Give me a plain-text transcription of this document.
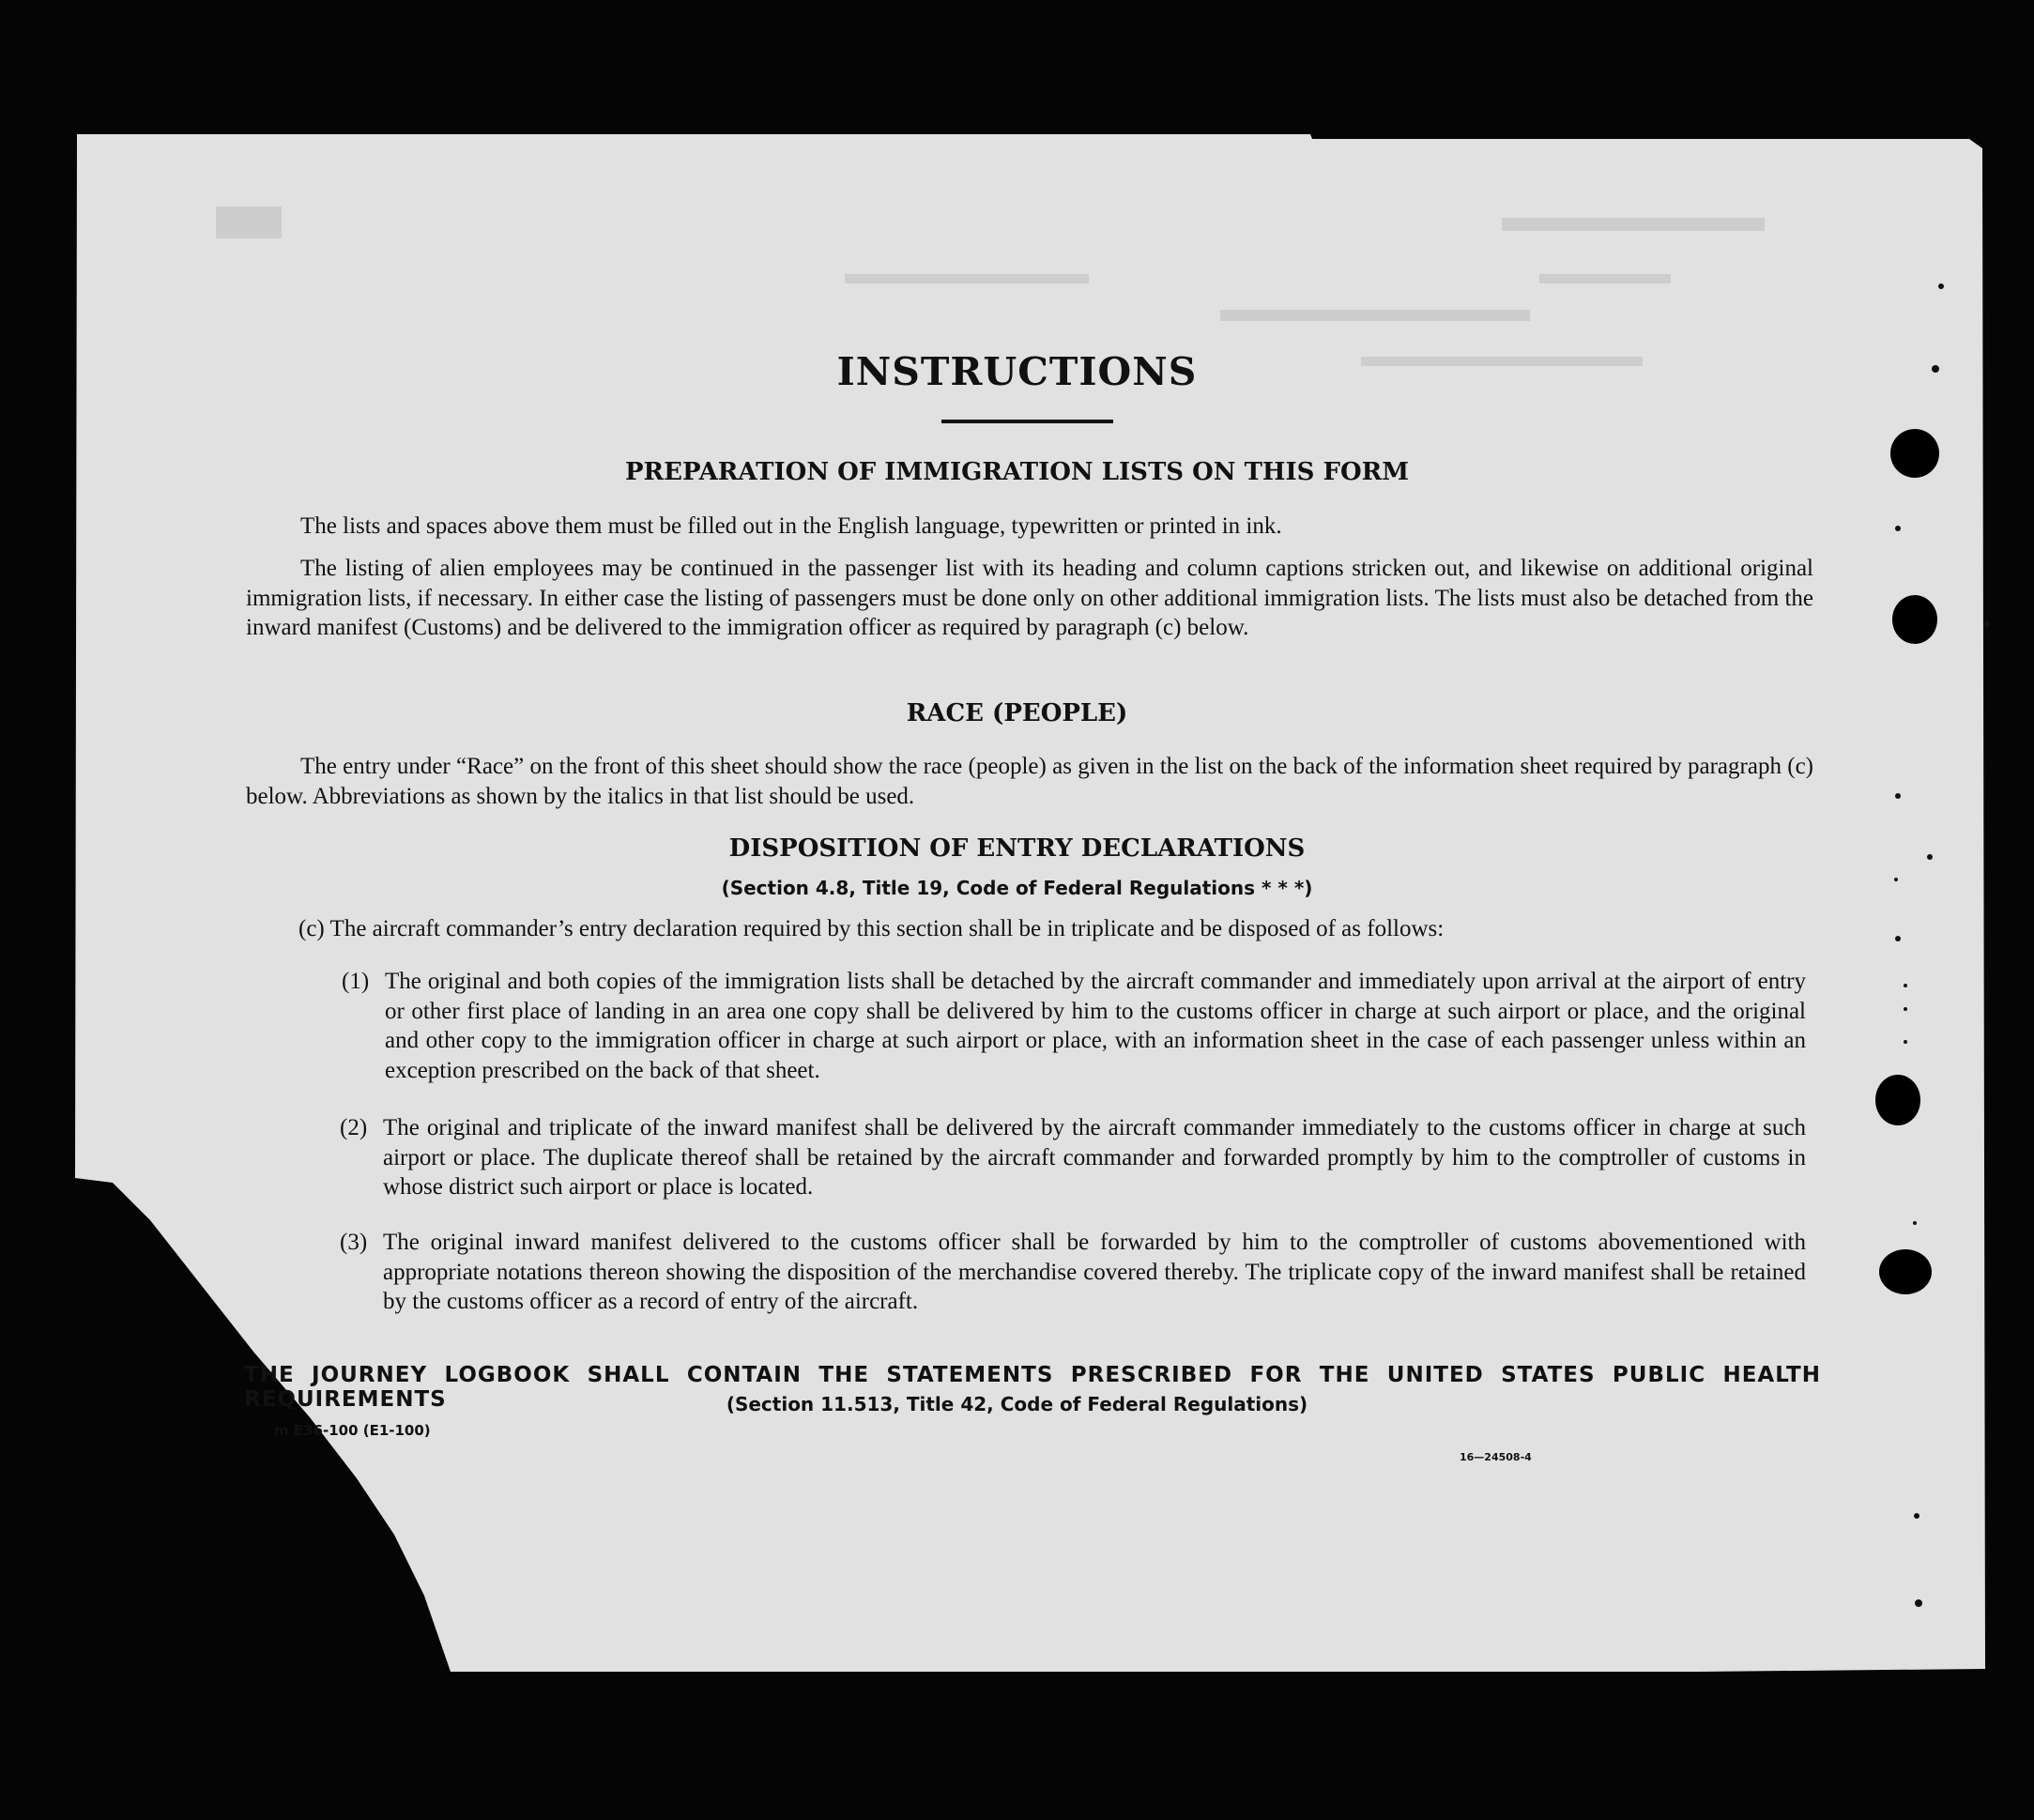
INSTRUCTIONS
PREPARATION OF IMMIGRATION LISTS ON THIS FORM

The lists and spaces above them must be filled out in the English language, typewritten or printed in ink.

The listing of alien employees may be continued in the passenger list with its heading and column captions stricken out, and likewise on additional original immigration lists, if necessary. In either case the listing of passengers must be done only on other additional immigration lists. The lists must also be detached from the inward manifest (Customs) and be delivered to the immigration officer as required by paragraph (c) below.

RACE (PEOPLE)

The entry under “Race” on the front of this sheet should show the race (people) as given in the list on the back of the information sheet required by paragraph (c) below. Abbreviations as shown by the italics in that list should be used.

DISPOSITION OF ENTRY DECLARATIONS
(Section 4.8, Title 19, Code of Federal Regulations * * *)

(c) The aircraft commander’s entry declaration required by this section shall be in triplicate and be disposed of as follows:

(1) The original and both copies of the immigration lists shall be detached by the aircraft commander and immediately upon arrival at the airport of entry or other first place of landing in an area one copy shall be delivered by him to the customs officer in charge at such airport or place, and the original and other copy to the immigration officer in charge at such airport or place, with an information sheet in the case of each passenger unless within an exception prescribed on the back of that sheet.

(2) The original and triplicate of the inward manifest shall be delivered by the aircraft commander immediately to the customs officer in charge at such airport or place. The duplicate thereof shall be retained by the aircraft commander and forwarded promptly by him to the comptroller of customs in whose district such airport or place is located.

(3) The original inward manifest delivered to the customs officer shall be forwarded by him to the comptroller of customs abovementioned with appropriate notations thereon showing the disposition of the merchandise covered thereby. The triplicate copy of the inward manifest shall be retained by the customs officer as a record of entry of the aircraft.

THE JOURNEY LOGBOOK SHALL CONTAIN THE STATEMENTS PRESCRIBED FOR THE UNITED STATES PUBLIC HEALTH REQUIREMENTS	(Section 11.513, Title 42, Code of Federal Regulations)
m E36-100 (E1-100)
16—24508-4
